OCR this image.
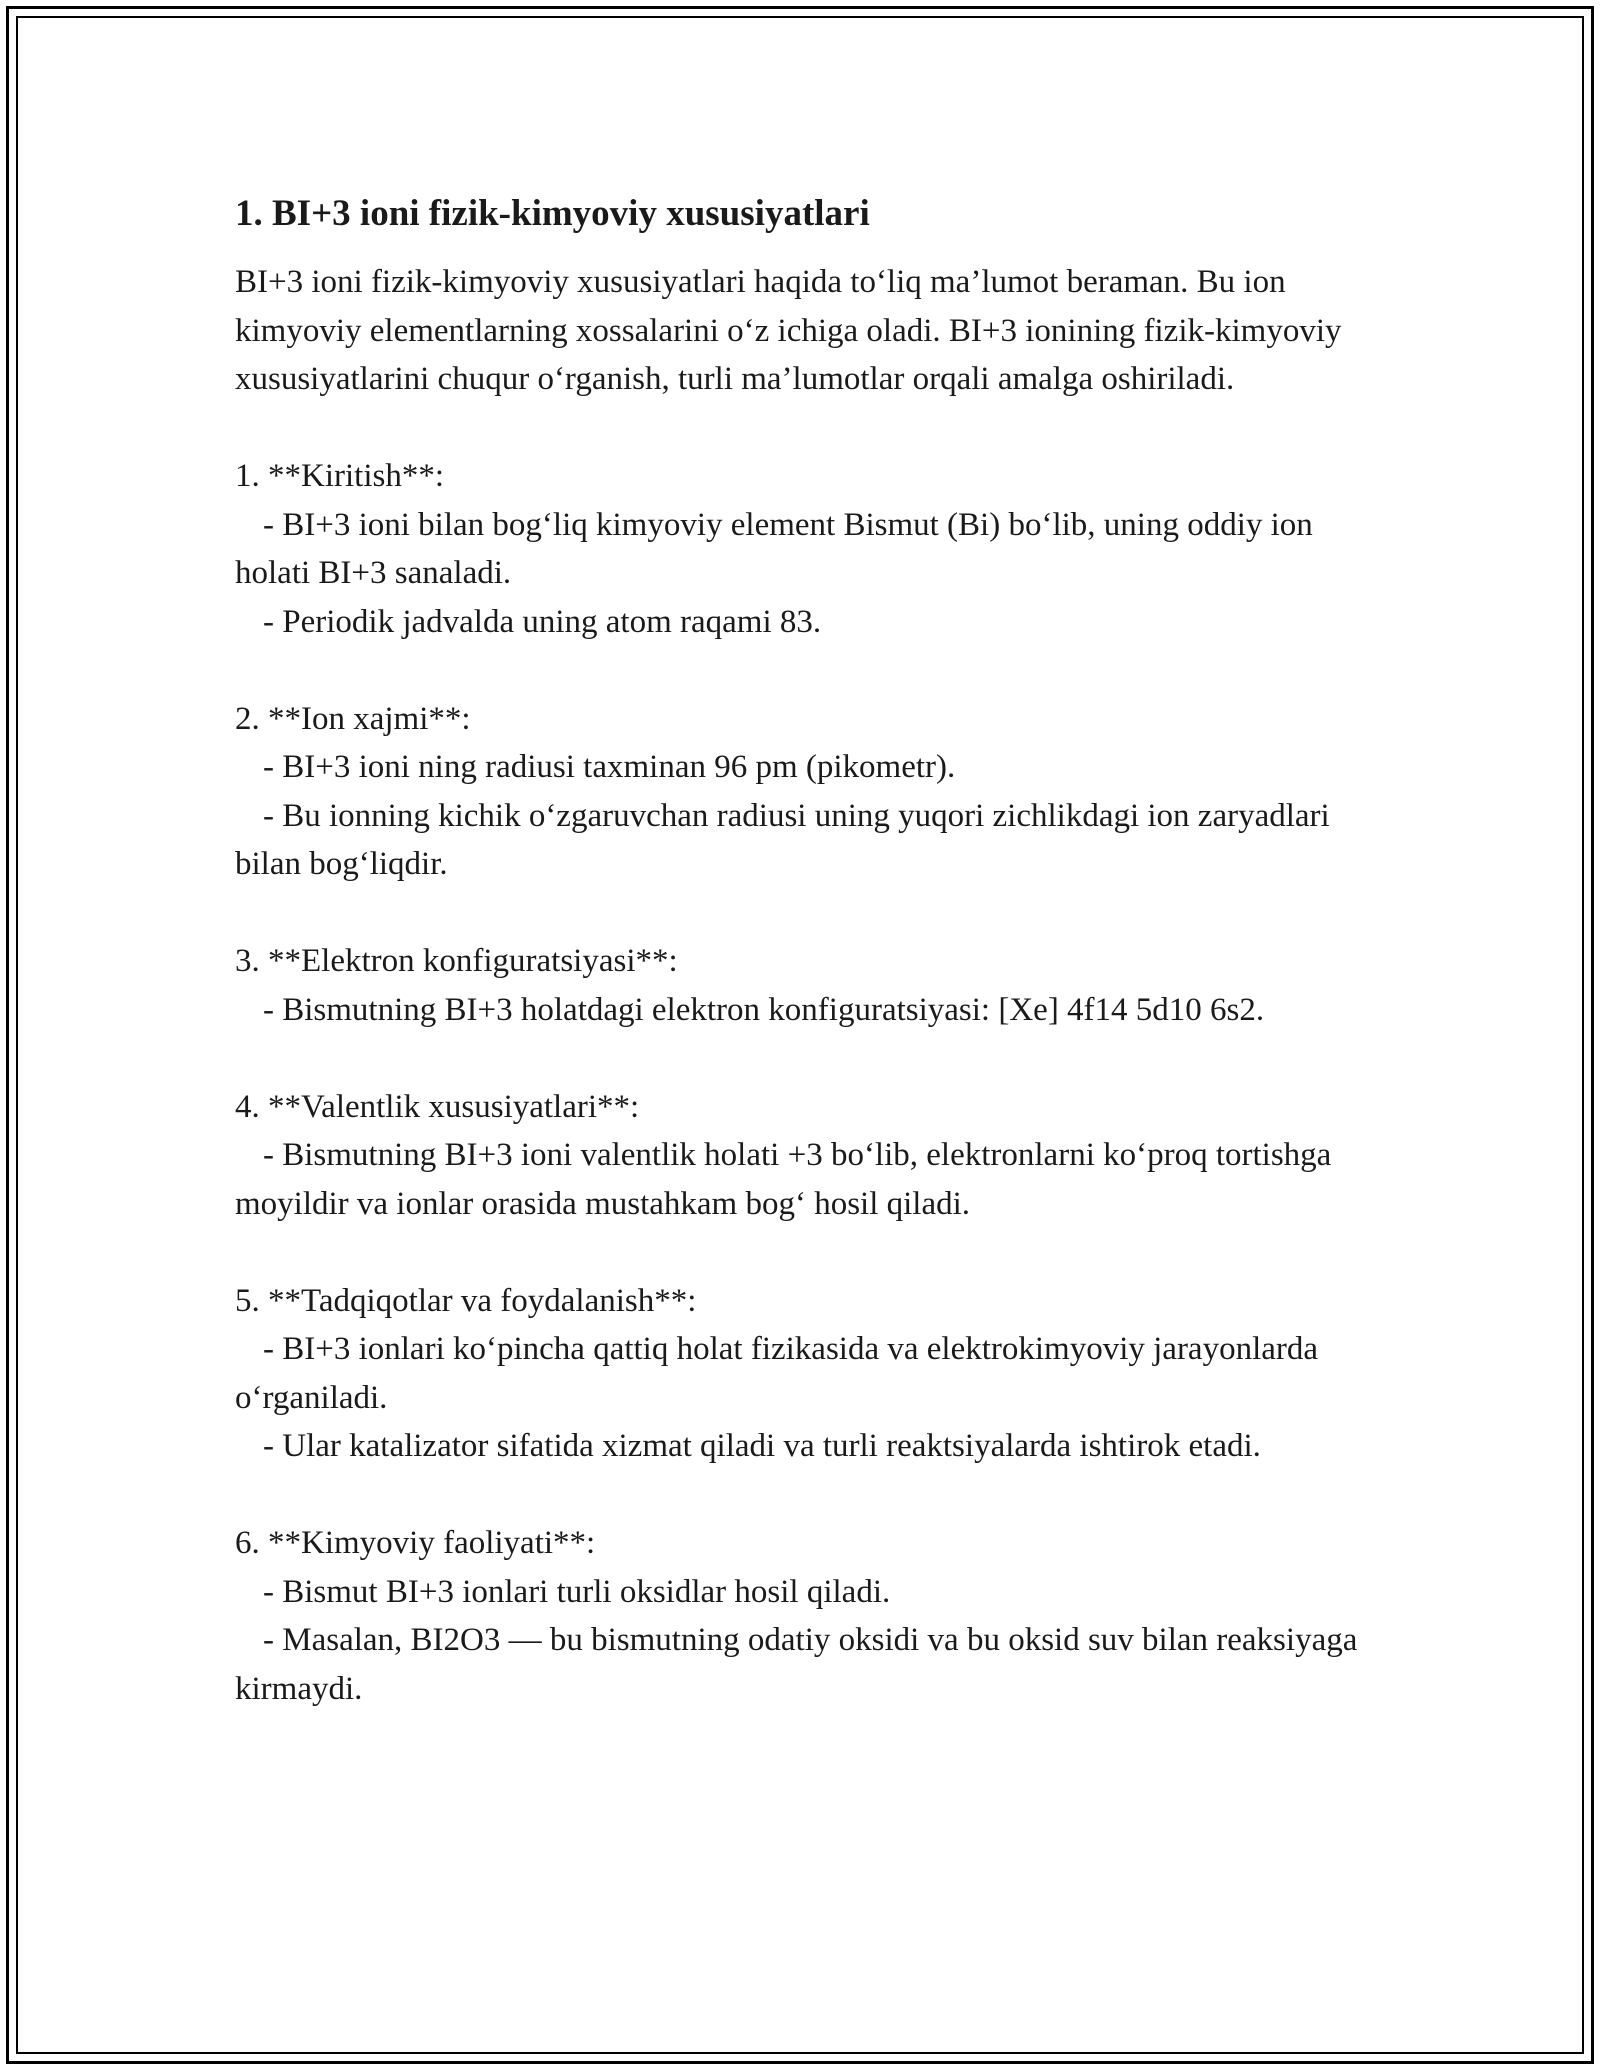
1. BI+3 ioni fizik-kimyoviy xususiyatlari

BI+3 ioni fizik-kimyoviy xususiyatlari haqida to‘liq ma’lumot beraman. Bu ion kimyoviy elementlarning xossalarini o‘z ichiga oladi. BI+3 ionining fizik-kimyoviy xususiyatlarini chuqur o‘rganish, turli ma’lumotlar orqali amalga oshiriladi.

1. **Kiritish**:

- BI+3 ioni bilan bog‘liq kimyoviy element Bismut (Bi) bo‘lib, uning oddiy ion holati BI+3 sanaladi.

- Periodik jadvalda uning atom raqami 83.

2. **Ion xajmi**:

- BI+3 ioni ning radiusi taxminan 96 pm (pikometr).

- Bu ionning kichik o‘zgaruvchan radiusi uning yuqori zichlikdagi ion zaryadlari bilan bog‘liqdir.

3. **Elektron konfiguratsiyasi**:

- Bismutning BI+3 holatdagi elektron konfiguratsiyasi: [Xe] 4f14 5d10 6s2.

4. **Valentlik xususiyatlari**:

- Bismutning BI+3 ioni valentlik holati +3 bo‘lib, elektronlarni ko‘proq tortishga moyildir va ionlar orasida mustahkam bog‘ hosil qiladi.

5. **Tadqiqotlar va foydalanish**:

- BI+3 ionlari ko‘pincha qattiq holat fizikasida va elektrokimyoviy jarayonlarda o‘rganiladi.

- Ular katalizator sifatida xizmat qiladi va turli reaktsiyalarda ishtirok etadi.

6. **Kimyoviy faoliyati**:

- Bismut BI+3 ionlari turli oksidlar hosil qiladi.

- Masalan, BI2O3 — bu bismutning odatiy oksidi va bu oksid suv bilan reaksiyaga kirmaydi.
